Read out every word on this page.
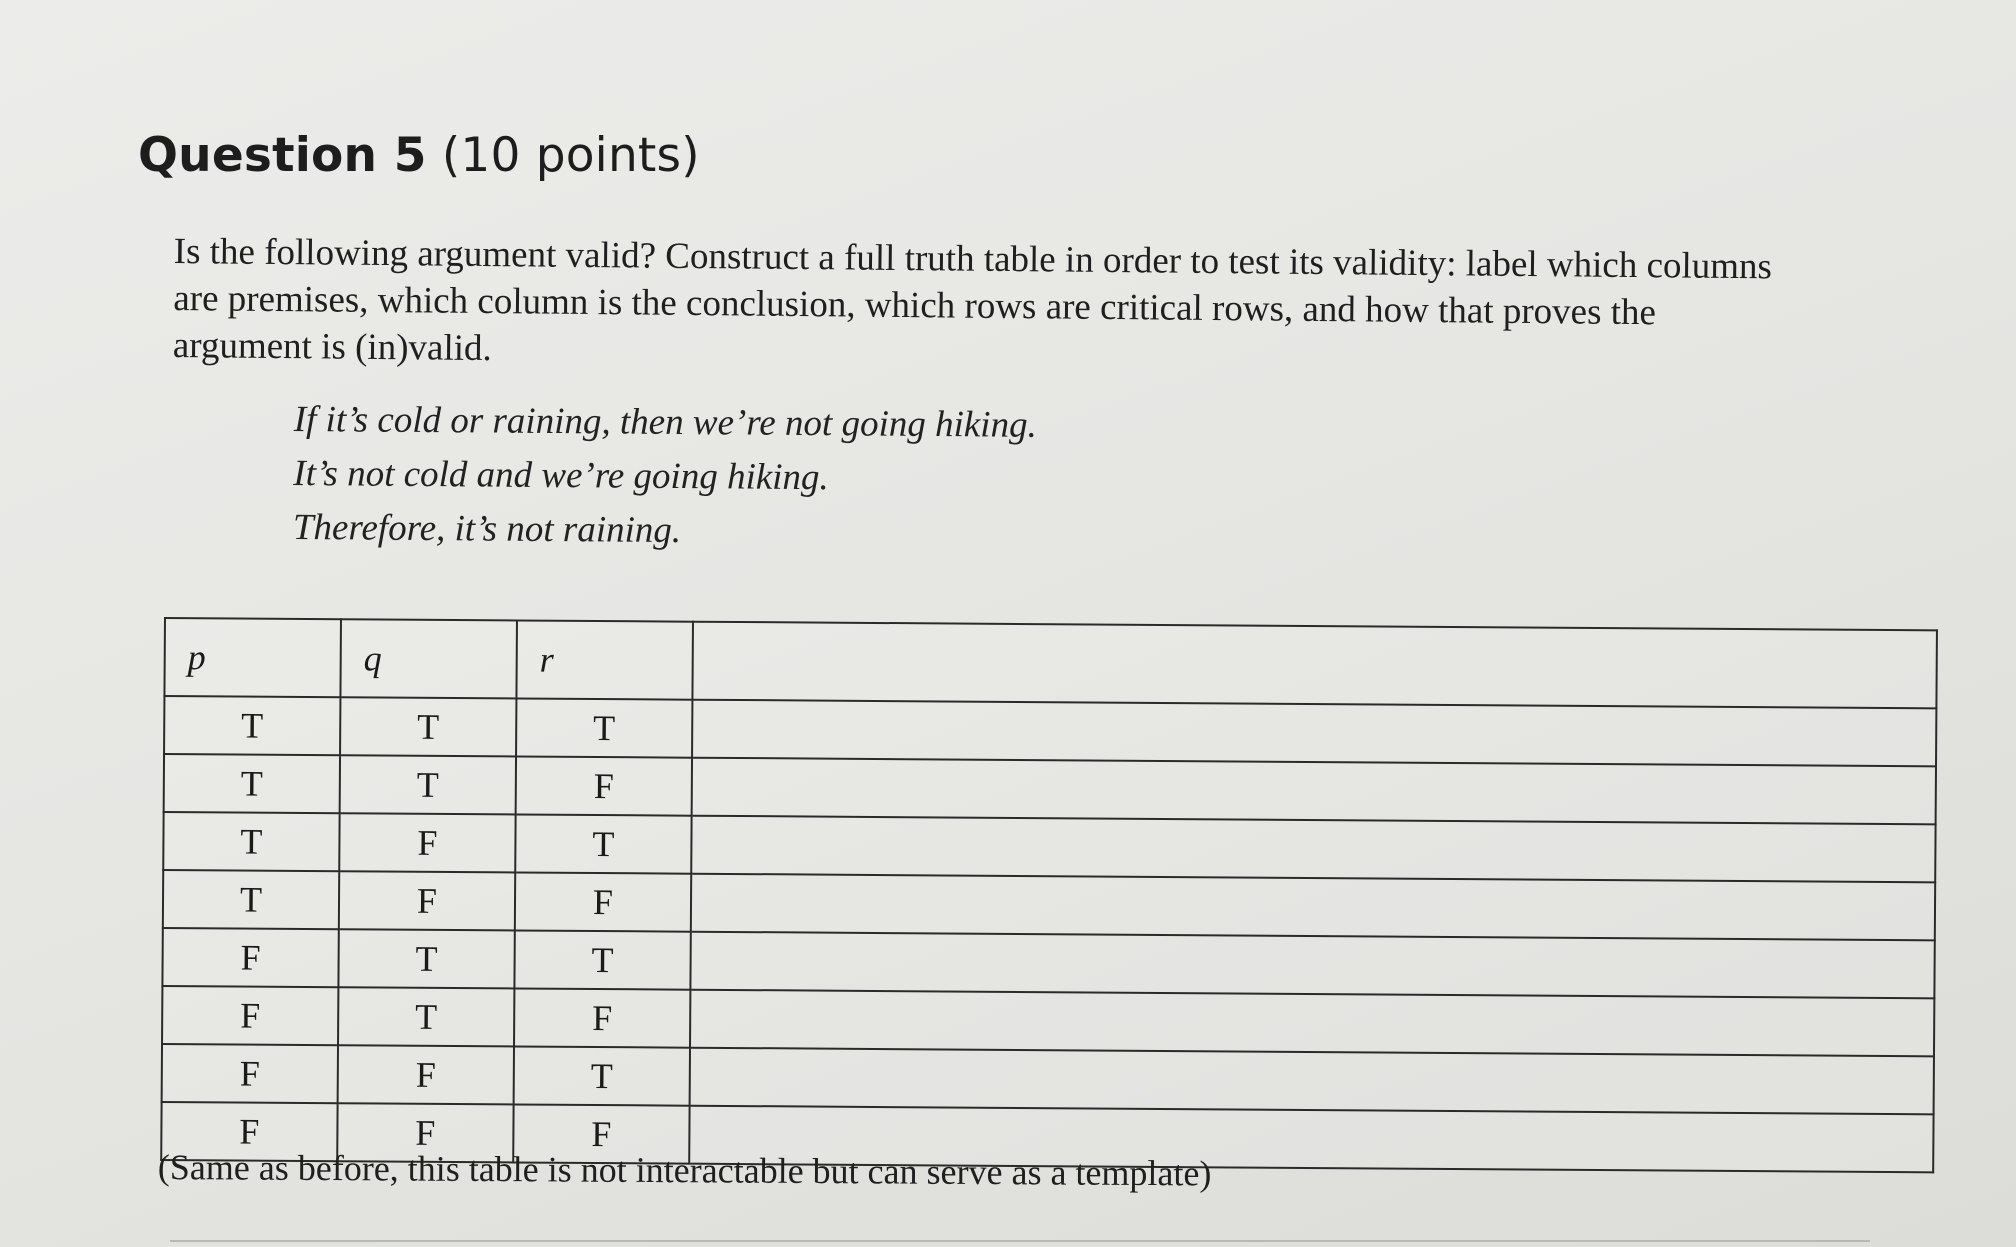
Question 5 (10 points)
Is the following argument valid? Construct a full truth table in order to test its validity: label which columns
are premises, which column is the conclusion, which rows are critical rows, and how that proves the
argument is (in)valid.
If it’s cold or raining, then we’re not going hiking.
It’s not cold and we’re going hiking.
Therefore, it’s not raining.
p	q	r	
T	T	T	
T	T	F	
T	F	T	
T	F	F	
F	T	T	
F	T	F	
F	F	T	
F	F	F	
(Same as before, this table is not interactable but can serve as a template)
